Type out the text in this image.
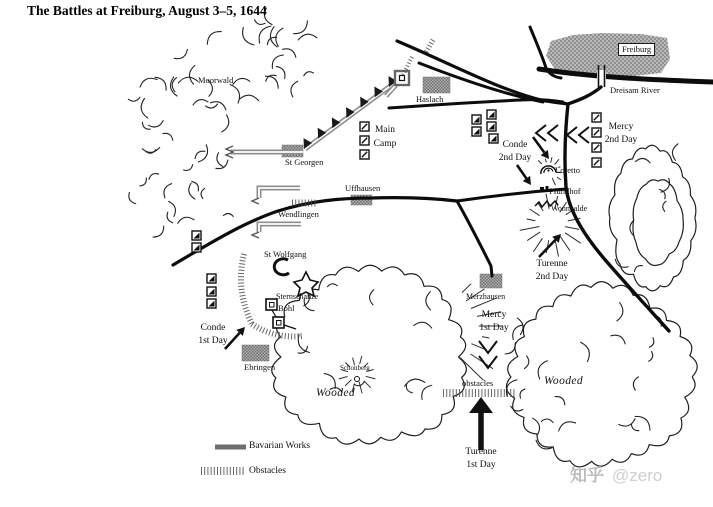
The Battles at Freiburg, August 3–5, 1644
Moorwald
Freiburg
Dreisam River
Haslach
Main Camp
St Georgen
Uffhausen
Wendlingen
St Wolfgang
Sternschanze
Bohl
Ebringen
Merzhausen
Loretto
Pfundhof
Wonnhalde
Schonberg
Wooded
Wooded
obstacles
Mercy
2nd Day
Conde
2nd Day
Turenne
2nd Day
Mercy
1st Day
Conde
1st Day
Turenne
1st Day
Bavarian Works
Obstacles	知乎 @zero
